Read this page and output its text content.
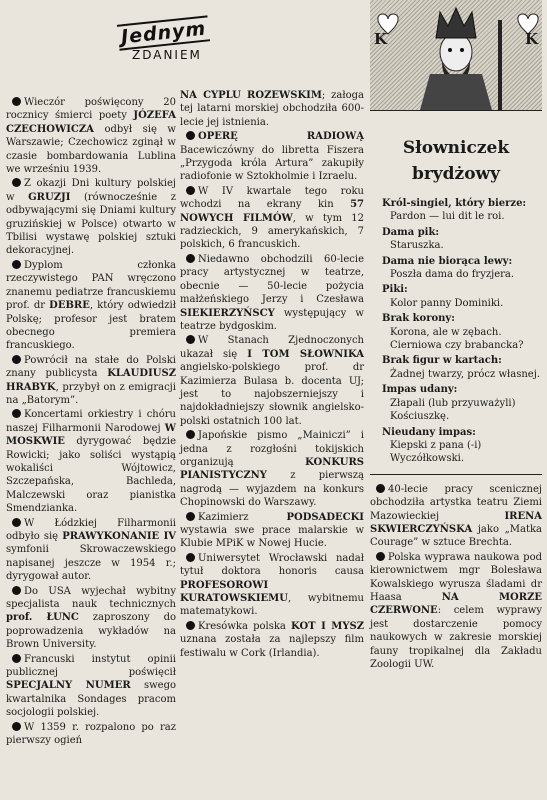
Jednym
ZDANIEM
Wieczór poświęcony 20 rocznicy śmierci poety JÓZEFA CZECHOWICZA odbył się w Warszawie; Czechowicz zginął w czasie bombardowania Lublina we wrześniu 1939.
Z okazji Dni kultury polskiej w GRUZJI (równocześnie z odbywającymi się Dniami kultury gruzińskiej w Polsce) otwarto w Tbilisi wystawę polskiej sztuki dekoracyjnej.
Dyplom członka rzeczywistego PAN wręczono znanemu pediatrze francuskiemu prof. dr DEBRE, który odwiedził Polskę; profesor jest bratem obecnego premiera francuskiego.
Powrócił na stałe do Polski znany publicysta KLAUDIUSZ HRABYK, przybył on z emigracji na „Batorym”.
Koncertami orkiestry i chóru naszej Filharmonii Narodowej W MOSKWIE dyrygować będzie Rowicki; jako soliści wystąpią wokaliści Wójtowicz, Szczepańska, Bachleda, Malczewski oraz pianistka Smendzianka.
W Łódzkiej Filharmonii odbyło się PRAWYKONANIE IV symfonii Skrowaczewskiego napisanej jeszcze w 1954 r.; dyrygował autor.
Do USA wyjechał wybitny specjalista nauk technicznych prof. ŁUNC zaproszony do poprowadzenia wykładów na Brown University.
Francuski instytut opinii publicznej poświęcił SPECJALNY NUMER swego kwartalnika Sondages pracom socjologii polskiej.
W 1359 r. rozpalono po raz pierwszy ogień
NA CYPLU ROZEWSKIM; załoga tej latarni morskiej obchodziła 600-lecie jej istnienia.
OPERĘ RADIOWĄ Bacewiczówny do libretta Fiszera „Przygoda króla Artura” zakupiły radiofonie w Sztokholmie i Izraelu.
W IV kwartale tego roku wchodzi na ekrany kin 57 NOWYCH FILMÓW, w tym 12 radzieckich, 9 amerykańskich, 7 polskich, 6 francuskich.
Niedawno obchodzili 60-lecie pracy artystycznej w teatrze, obecnie — 50-lecie pożycia małżeńskiego Jerzy i Czesława SIEKIERZYŃSCY występujący w teatrze bydgoskim.
W Stanach Zjednoczonych ukazał się I TOM SŁOWNIKA angielsko-polskiego prof. dr Kazimierza Bulasa b. docenta UJ; jest to najobszerniejszy i najdokładniejszy słownik angielsko-polski ostatnich 100 lat.
Japońskie pismo „Mainiczi” i jedna z rozgłośni tokijskich organizują KONKURS PIANISTYCZNY z pierwszą nagrodą — wyjazdem na konkurs Chopinowski do Warszawy.
Kazimierz PODSADECKI wystawia swe prace malarskie w Klubie MPiK w Nowej Hucie.
Uniwersytet Wrocławski nadał tytuł doktora honoris causa PROFESOROWI KURATOWSKIEMU, wybitnemu matematykowi.
Kresówka polska KOT I MYSZ uznana została za najlepszy film festiwalu w Cork (Irlandia).
K	K
Słowniczek
brydżowy
Król-singiel, który bierze:
Pardon — lui dit le roi.
Dama pik:
Staruszka.
Dama nie biorąca lewy:
Poszła dama do fryzjera.
Piki:
Kolor panny Dominiki.
Brak korony:
Korona, ale w zębach. Cierniowa czy brabancka?
Brak figur w kartach:
Żadnej twarzy, prócz własnej.
Impas udany:
Złapali (lub przyuważyli) Kościuszkę.
Nieudany impas:
Kiepski z pana (-i) Wyczółkowski.
40-lecie pracy scenicznej obchodziła artystka teatru Ziemi Mazowieckiej IRENA SKWIERCZYŃSKA jako „Matka Courage” w sztuce Brechta.
Polska wyprawa naukowa pod kierownictwem mgr Bolesława Kowalskiego wyrusza śladami dr Haasa NA MORZE CZERWONE: celem wyprawy jest dostarczenie pomocy naukowych w zakresie morskiej fauny tropikalnej dla Zakładu Zoologii UW.
